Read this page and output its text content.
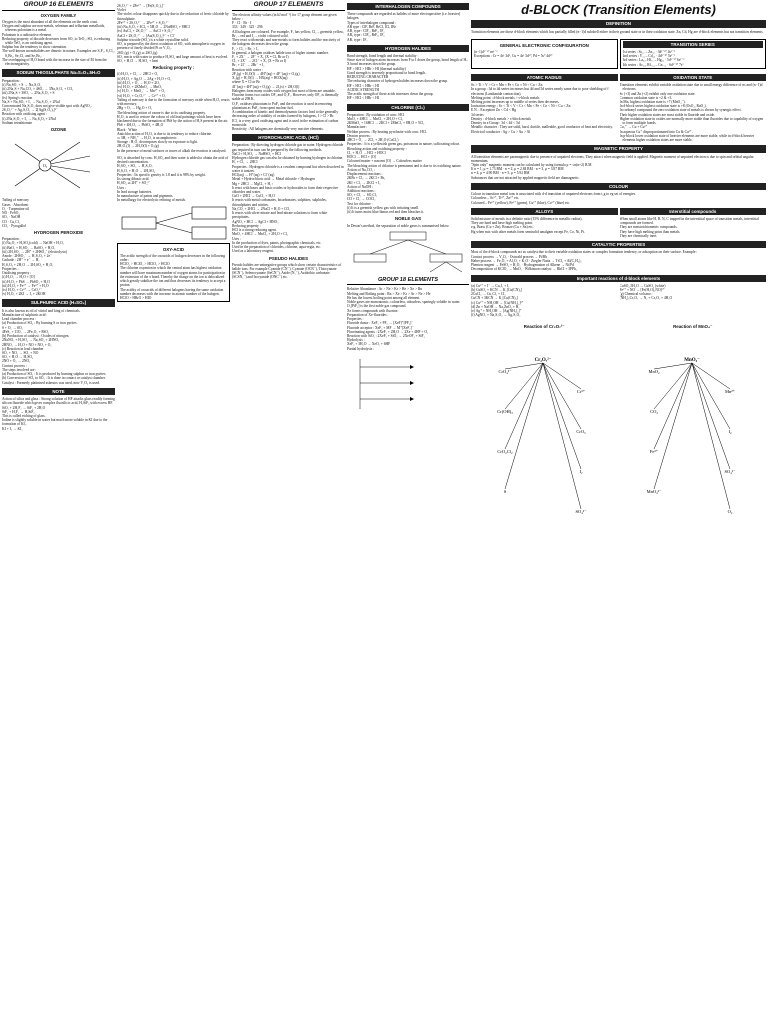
GROUP 16 ELEMENTS
OXYGEN FAMILY
Oxygen is the most abundant of all the elements on the earth crust.
Oxygen and sulphur are non-metals, selenium and tellurium metalloids, whereas polonium is a metal.
Polonium is a radioactive element.
Reducing property of dioxide decreases from SO₂ to TeO₂; SO₂ is reducing while TeO₂ is an oxidising agent.
Sulphur has the tendency to show catenation.
The well known monohalides are dimeric in nature. Examples are S₂F₂, S₂Cl₂, S₂Br₂, Se₂Cl₂ and Se₂Br₂.
The overlapping of H₂O bond with the increase in the size of M from the electronegativity.
SODIUM THIOSULPHATE Na₂S₂O₃.5H₂O
Preparation :
(i) Na₂SO₃ + S → Na₂S₂O₃
(ii) 2Na₂S + Na₂CO₃ + 4SO₂ → 3Na₂S₂O₃ + CO₂
(iii) 2Na₂S + 3SO₂ → 2Na₂S₂O₃ + S
(iv) Spring's reaction
Na₂S + Na₂SO₃ + I₂ → Na₂S₂O₃ + 2NaI
Concentrated Na₂S₂O₃ does not give visible spot with AgNO₃.
2S₂O₃²⁻ + Ag₂S₂O₃ → 2[Ag(S₂O₃)₂]³⁻
Reaction with oxidising agent :
(i) 2Na₂S₂O₃ + I₂ → Na₂S₄O₆ + 2NaI
Sodium tetrathionate
OZONE
O₃
Tailing of mercury
Gases · Absorbent
O₂ · Turpentine oil
NO · FeSO₄
SO₂ · NaOH
CO · Cu₂Cl₂
CO₂ · Pyrogallol
HYDROGEN PEROXIDE
Preparation :
(i) Na₂O₂ + H₂SO₄(cold) → NaOH + H₂O₂
(ii) BaO₂ + H₂SO₄ → BaSO₄ + H₂O₂
(iii) 2H₂SO₄ → 2H⁺ + 2HSO₄⁻ (electrolysis)
Anode : 2HSO₄⁻ → H₂S₂O₈ + 2e⁻
Cathode : 2H⁺ + e⁻ → H₂
H₂S₂O₈ + 2H₂O → 2H₂SO₄ + H₂O₂
Properties :
Oxidising property :
(i) H₂O₂ → H₂O + [O]
(ii) H₂O₂ + PbS → PbSO₄ + H₂O
(iii) H₂O₂ + Fe²⁺ → Fe³⁺ + H₂O
(iv) H₂O₂ + Cr³⁺ → CrO₄²⁻
(v) H₂O₂ + 2KI → I₂ + 2KOH
SULPHURIC ACID (H₂SO₄)
It is also known as oil of vitriol and king of chemicals.
Manufacture of sulphuric acid :
Lead chamber process :
(a) Production of SO₂ : By burning S or iron pyrites
S + O₂ → SO₂
4FeS₂ + 11O₂ → 2Fe₂O₃ + 8SO₂
(b) Production of catalyst : Oxides of nitrogen.
2NaNO₃ + H₂SO₄ → Na₂SO₄ + 2HNO₃
2HNO₃ → H₂O + NO + NO₂ + O₂
(c) Reaction in lead chamber
SO₂ + NO₂ → SO₃ + NO
SO₃ + H₂O → H₂SO₄
2NO + O₂ → 2NO₂
Contact process :
The steps involved are :
(a) Production of SO₂ : It is produced by burning sulphur or iron pyrites.
(b) Conversion of SO₂ to SO₃ : It is done in contact or catalyst chamber.
Catalyst : Formerly platinised asbestos was used, now V₂O₅ is used.
NOTE
Action of silica and glass : Strong solution of HF attacks glass readily forming silicon fluoride which gives complex fluosilicic acid, H₂SiF₆ with excess HF.
SiO₂ + 2H₂F₂ → SiF₄ + 2H₂O
SiF₄ + H₂F₂ → H₂SiF₆
This is called etching of glass.
Iodine is slightly soluble in water but much more soluble in KI due to the formation of KI₃.
KI + I₂ → KI₃
2S₂O₃²⁻ + 2Fe³⁺ → [Fe(S₂O₃)₂]⁻
Violet
The violet colour disappears quickly due to the reduction of ferric chloride by thiosulphate.
2Fe³⁺ + 2S₂O₃²⁻ → 2Fe²⁺ + S₄O₆²⁻
(iii) Na₂S₂O₃ + 4Cl₂ + 5H₂O → 2NaHSO₄ + 8HCl
(iv) AuCl₃ + 2S₂O₃²⁻ → AuCl + S₄O₆²⁻
AuCl + 2S₂O₃²⁻ → [Au(S₂O₃)₂]³⁻ + Cl⁻
Sulphur trioxide (SO₃) is a white crystalline solid.
SO₃ is prepared by the direct oxidation of SO₂ with atmospheric oxygen in presence of finely divided Pt or V₂O₅.
2SO₂(g) + O₂(g) ⇌ 2SO₃(g)
SO₃ reacts with water to produce H₂SO₄ and large amount of heat is evolved.
SO₃ + H₂O → H₂SO₄ + heat
Reducing property :
(i) H₂O₂ + Cl₂ → 2HCl + O₂
(ii) H₂O₂ + Ag₂O → 2Ag + H₂O + O₂
(iii) H₂O₂ + O₃ → H₂O + 2O₂
(iv) H₂O₂ + 2KMnO₄ → MnO₂
(v) H₂O₂ + MnO₄⁻ → Mn²⁺ + O₂
(vi) H₂O₂ + Cr₂O₇²⁻ → Cr³⁺ + O₂
Tailing of mercury is due to the formation of mercury oxide when H₂O₂ reacts with mercury.
2Hg + O₃ → Hg₂O + O₂
The bleaching action of ozone is due to its oxidising property.
H₂O₂ is used to restore the colour of old lead paintings which have been blackened due to the formation of PbS by the action of H₂S present in the air.
PbS + 4H₂O₂ → PbSO₄ + 4H₂O
Black · White
Antichlor action of H₂O₂ is due to its tendency to reduce chlorine.
⇒ 3H₂ + NH₄⁺ → H₂O₂ is an amphoteric.
Storage : H₂O₂ decomposes slowly on exposure to light.
2H₂O₂(l) → 2H₂O(l) + O₂(g)
In the presence of metal surfaces or traces of alkali the reaction is catalysed.
SO₃ is absorbed by conc. H₂SO₄ and then water is added to obtain the acid of desired concentration.
H₂SO₄ + SO₃ → H₂S₂O₇
H₂S₂O₇ + H₂O → 2H₂SO₄
Properties : Its specific gravity is 1.8 and it is 98% by weight.
Its strong dibasic acid.
H₂SO₄ ⇌ 2H⁺ + SO₄²⁻
Uses :
In lead storage batteries.
In manufacture of paints and pigments.
In metallurgy for electrolytic refining of metals.
OXY-ACID
The acidic strength of the oxoacids of halogen decreases in the following order:
HClO₄ > HClO₃ > HClO₂ > HClO
The chlorine oxyanion in which the central atom has highest oxidation number will have maximum number of oxygen atoms for participation in the extension of the π bond. Thereby the charge on the ion is delocalized which greatly stabilize the ion and thus decreases its tendency to accept a proton.
The acidity of oxoacids of different halogens having the same oxidation number decreases with the increase in atomic number of the halogen.
HClO > HBrO > HIO
GROUP 17 ELEMENTS
The electron affinity values (in kJ mol⁻¹) for 17 group element are given below :
F · Cl · Br · I
333 · 349 · 325 · 296
All halogens are coloured. For example, F₂ has yellow, Cl₂ – greenish yellow, Br₂ – red and I₂ – violet coloured solid.
They react with metals and non-metals to form halides and the reactivity of the halogens decreases down the group.
F₂ > Cl₂ > Br₂ > I₂
In general, a halogen oxidises halide ions of higher atomic number.
F₂ + 2X⁻ → 2F⁻ + X₂ (X = Cl, Br or I)
Cl₂ + 2X⁻ → 2Cl⁻ + X₂ (X = Br or I)
Br₂ + 2I⁻ → 2Br⁻ + I₂
Reaction with water :
2F₂(g) + H₂O(l) → 4H⁺(aq) + 4F⁻(aq) + O₂(g)
X₂(g) + H₂O(l) → HX(aq) + HOX(aq)
where X = Cl or Br
4I⁻(aq) + 4H⁺(aq) + O₂(g) → 2I₂(s) + 2H₂O(l)
Halogens form many oxides with oxygen but most of them are unstable.
Fluorine forms two oxides OF₂ and O₂F₂. However, only OF₂ is thermally stable at 298 K.
O₂F₂ oxidises plutonium to PuF₆ and the reaction is used in removing plutonium as PuF₆ from spent nuclear fuel.
A combination of kinetic and thermodynamic factors lead to the generally decreasing order of stability of oxides formed by halogens, I > Cl > Br.
ICl₃ is a very good oxidising agent and is used in the estimation of carbon monoxide.
Reactivity : All halogens are chemically very reactive elements.
HYDROCHLORIC ACID, (HCl)
Preparation : By directing hydrogen chloride gas in water. Hydrogen chloride gas required in turn can be prepared by the following methods.
NaCl + H₂SO₄ → NaHSO₄ + HCl
Hydrogen chloride gas can also be obtained by burning hydrogen in chlorine.
H₂ + Cl₂ → 2HCl
Properties : Hydrogen chloride is a covalent compound but when dissolved in water it ionizes.
HCl(aq) → H⁺(aq) + Cl⁻(aq)
Metal + Hydrochloric acid → Metal chloride + Hydrogen
Mg + 2HCl → MgCl₂ + H₂↑
It react with bases and basic oxides or hydroxides to form their respective chlorides and water.
CuO + 2HCl → CuCl₂ + H₂O
It reacts with metal carbonates, bicarbonates, sulphites, sulphides, thiosulphates and nitrites.
Na₂CO₃ + 2HCl → 2NaCl + H₂O + CO₂
It reacts with silver nitrate and lead nitrate solutions to form white precipitates.
AgNO₃ + HCl → AgCl + HNO₃
Reducing property :
HCl is a strong reducing agent.
MnO₂ + 4HCl → MnCl₂ + 2H₂O + Cl₂
Uses :
In the production of dyes, paints, photographic chemicals, etc.
Used in the preparation of chlorides, chlorine, aqua-regia, etc.
Used as a laboratory reagent.
PSEUDO HALIDES
Pseudo halides are uninegative groups which show certain characteristics of halide ions. For example Cyanide (CN⁻), Cyanate (OCN⁻), Thiocyanate (SCN⁻), Selenocyanate (SeCN⁻), Azide (N₃⁻), Azidothio carbonate (SCSN₃⁻) and Isocyanide (ONC⁻) etc.
INTERHALOGEN COMPOUNDS
These compounds are regarded as halides of more electropositive (i.e. heavier) halogen.
Types of interhalogen compound :
AB type : ClF, BrF, BrCl, ICl, IBr
AB₃ type : ClF₃, BrF₃, IF₃
AB₅ type : ClF₅, BrF₅, IF₅
AB₇ type : IF₇
HYDROGEN HALIDES
Bond strength, bond length and thermal stability :
Since size of halogen atom increases from F to I down the group, bond length of H–X bond increases down the group.
HF > HCl > HBr > HI (thermal stability)
Good strength is inversely proportional to bond length.
REDUCING CHARACTER
The reducing character of hydrogen halides increases down the group.
HF < HCl < HBr < HI
ACIDIC STRENGTH
The acidic strength of these acids increases down the group.
HF < HCl < HBr < HI
CHLORINE (Cl₂)
Preparation : By oxidation of conc. HCl
MnO₂ + 4HCl → MnCl₂ + 2H₂O + Cl₂
2KMnO₄ + 16HCl → 2KCl + 2MnCl₂ + 8H₂O + 5Cl₂
Manufacture :
Weldon process : By heating pyrolusite with conc. HCl.
Deacon process :
4HCl + O₂ → 2Cl₂ + 2H₂O (CuCl₂)
Properties : It is a yellowish green gas, poisonous in nature, suffocating odour.
Bleaching action and oxidising property :
Cl₂ + H₂O → HCl + HOCl
HOCl → HCl + [O]
Coloured matter + nascent [O] → Colourless matter
The bleaching action of chlorine is permanent and is due to its oxidising nature.
Action of Na₂CO₃ :
Displacement reactions :
2KBr + Cl₂ → 2KCl + Br₂
2KI + Cl₂ → 2KCl + I₂
Action of NaOH :
Addition reactions :
SO₂ + Cl₂ → SO₂Cl₂
CO + Cl₂ → COCl₂
Test for chlorine :
(i) It is a greenish yellow gas with irritating smell.
(ii) It turns moist blue litmus red and then bleaches it.
NOBLE GAS
In Dewar's method, the separation of noble gases is summarised below.
GROUP 18 ELEMENTS
Relative Abundance : Ar > Ne > Kr > He > Xe > Rn
Melting and Boiling point : Rn > Xe > Kr > Ar > Ne > He
He has the lowest boiling point among all element.
Noble gases are monoatomic, colourless, odourless, sparingly soluble in water.
O₂[PtF₆] is the first noble gas compound.
Xe forms compounds with fluorine.
Preparation of Xe-fluorides :
Properties :
Fluoride donor : XeF₂ + PF₅ → [XeF]⁺[PF₆]⁻
Fluoride acceptor : XeF₆ + MF → M⁺[XeF₇]⁻
Fluorinating agents : 2XeF₂ + 2H₂O → 2Xe + 4HF + O₂
Reaction with SiO₂ : 2XeF₆ + SiO₂ → 2XeOF₄ + SiF₄
Hydrolysis :
XeF₆ + 3H₂O → XeO₃ + 6HF
Partial hydrolysis :
d-BLOCK (Transition Elements)
DEFINITION
Transition elements are those d-block elements which has partially filled (n−1)d subshell either in their ground state or in their oxidation state. Zn, Cd, Hg are d-block elements but not transition elements.
GENERAL ELECTRONIC CONFIGURATION
(n−1)d¹⁻¹⁰ ns¹⁻²
Exceptions : Cr = 4s¹ 3d⁵, Cu = 4s¹ 3d¹⁰, Pd = 5s⁰ 4d¹⁰
TRANSITION SERIES
1st series : Sc₂₁ – Zn₃₀ · 3d¹⁻¹⁰ 4s¹⁻²
2nd series : Y₃₉ – Cd₄₈ · 4d¹⁻¹⁰ 5s¹⁻²
3rd series : La₅₇, Hf₇₂ – Hg₈₀ · 5d¹⁻¹⁰ 6s¹⁻²
4th series : Ac₈₉, Rf₁₀₄ – Cn₁₁₂ · 6d¹⁻¹⁰ 7s²
ATOMIC RADIUS
Sc > Ti > V > Cr ≈ Mn ≈ Fe ≈ Co ≈ Ni < Cu < Zn
In a group : 3d to 4d series increases but 4d and 5d series nearly same due to poor shielding of f electrons (Lanthanide contraction).
Melting point : d-block metals > s-block metals
Melting point increases up to middle of series then decreases.
Ionisation energy : Sc < Ti < V < Cr < Mn < Fe < Co < Ni < Cu < Zn
E.N. : Exception Zn < Cd < Hg
3d series
Density : d-block metals > s-block metals
Density in a Group : 3d < 4d < 5d
Metallic character : They are solid, hard, ductile, malleable, good conductor of heat and electricity.
Electrical conductor : Ag > Cu > Au > Al
OXIDATION STATE
Transition elements exhibit variable oxidation state due to small energy difference of ns and (n−1)d electrons.
Sc (+3) and Zn (+2) exhibit only one oxidation state.
Common oxidation state is +2 & +3.
In Mn, highest oxidation state is +7 (MnO₄⁻).
In d-block series highest oxidation state is +8 (OsO₄, RuO₄).
In carbonyl compound the zero oxidation state of metals is shown by synergic effect.
Their higher oxidation states are most stable in fluoride and oxide.
Higher oxidation state in oxides are normally more stable than fluorides due to capability of oxygen to form multiple bonds.
Cu₂⁺ → Cu + Cu²⁺
In aqueous Cu⁺ disproportionated into Cu & Cu²⁺.
In p-block lower oxidation state of heavier elements are more stable, while in d-block heavier elements higher oxidation states are more stable.
MAGNETIC PROPERTY
All transition elements are paramagnetic due to presence of unpaired electrons. They attract when magnetic field is applied. Magnetic moment of unpaired electron is due to spin and orbital angular momentum.
"Spin only" magnetic moment can be calculated by using formula μ = √n(n+2) B.M.
If n = 1, μ = 1.73 BM · n = 2, μ = 2.84 BM · n = 3, μ = 3.87 BM
n = 4, μ = 4.90 BM · n = 5, μ = 5.92 BM
Substances that are not attracted by applied magnetic field are diamagnetic.
COLOUR
Colour in transition metal ions is associated with d-d transition of unpaired electrons from t₂g to eg set of energies.
Colourless – Sc³⁺, Ti⁴⁺, Zn²⁺ etc.
Coloured – Fe³⁺ (yellow), Fe²⁺ (green), Cu²⁺ (blue), Co²⁺ (blue) etc.
ALLOYS
Solid mixture of metals in a definite ratio (15% difference in metallic radius).
They are hard and have high melting point.
e.g. Brass (Cu + Zn), Bronze (Cu + Sn) etc.
Hg when mix with other metals form semisolid amalgam except Fe, Co, Ni, Pt.
Interstitial compounds
When small atoms like H, B, N, C trapped in the interstitial space of transition metals, interstitial compounds are formed.
They are nonstoichiometric compounds.
They have high melting point than metals.
They are chemically inert.
CATALYTIC PROPERTIES
Most of the d-block compounds act as catalyst due to their variable oxidation states or complex formation tendency, or adsorption on their surface. Example :
Contact process → V₂O₅ · Ostwald process → Pt/Rh
Haber process → Fe₂O₃ + Al₂O₃ + K₂O · Ziegler Natta → TiCl₄ + Al(C₂H₅)₃
Phenton reagent → FeSO₄ + H₂O₂ · Hydrogenation of Alkene → Ni/Pd
Decomposition of KClO₃ → MnO₂ · Wilkinson catalyst → RhCl + 3PPh₃
Important reactions of d-block elements
(a) Cu²⁺ + I⁻ → Cu₂I₂ + I₂
(b) CuSO₄ + KCN → K₃[Cu(CN)₄]
2CuCl₂ → Cu₂Cl₂ + Cl₂
CuCN + 3KCN → K₃[Cu(CN)₄]
(c) Cu²⁺ + NH₄OH → [Cu(NH₃)₄]²⁺
(d) Zn + NaOH → Na₂ZnO₂ + H₂
(e) Ag⁺ + NH₄OH → [Ag(NH₃)₂]⁺
(f) AgNO₃ + Na₂S₂O₃ → Ag₂S₂O₃
CuSO₄.5H₂O → CuSO₄ (white)
Fe²⁺ + NO → [Fe(H₂O)₅NO]²⁺
(g) Chemical volcano :
(NH₄)₂Cr₂O₇ → N₂ + Cr₂O₃ + 4H₂O
Reaction of Cr₂O₇²⁻
Cr₂O₇²⁻
CrO₄²⁻
Cr³⁺
Cr(OH)₃
CrO₅
CrO₂Cl₂
I₂
S
SO₄²⁻
Reaction of MnO₄⁻
MnO₄⁻
MnO₂
Mn²⁺
CO₂
I₂
Fe³⁺
SO₄²⁻
MnO₄²⁻
O₂
